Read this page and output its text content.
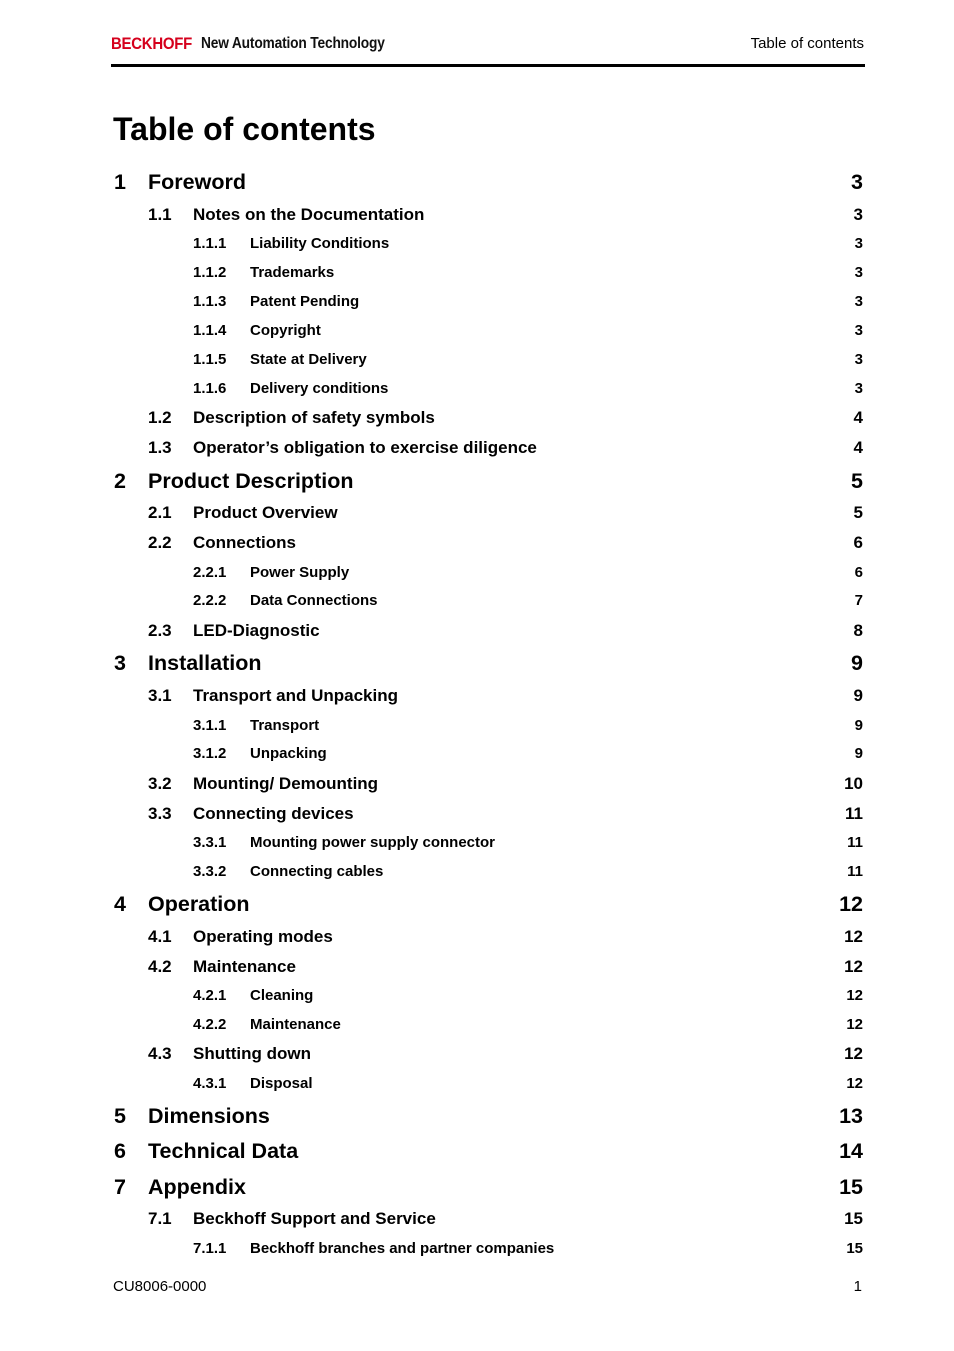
BECKHOFF New Automation Technology	Table of contents
Table of contents
1 Foreword	3
1.1 Notes on the Documentation	3
1.1.1 Liability Conditions	3
1.1.2 Trademarks	3
1.1.3 Patent Pending	3
1.1.4 Copyright	3
1.1.5 State at Delivery	3
1.1.6 Delivery conditions	3
1.2 Description of safety symbols	4
1.3 Operator’s obligation to exercise diligence	4
2 Product Description	5
2.1 Product Overview	5
2.2 Connections	6
2.2.1 Power Supply	6
2.2.2 Data Connections	7
2.3 LED-Diagnostic	8
3 Installation	9
3.1 Transport and Unpacking	9
3.1.1 Transport	9
3.1.2 Unpacking	9
3.2 Mounting/ Demounting	10
3.3 Connecting devices	11
3.3.1 Mounting power supply connector	11
3.3.2 Connecting cables	11
4 Operation	12
4.1 Operating modes	12
4.2 Maintenance	12
4.2.1 Cleaning	12
4.2.2 Maintenance	12
4.3 Shutting down	12
4.3.1 Disposal	12
5 Dimensions	13
6 Technical Data	14
7 Appendix	15
7.1 Beckhoff Support and Service	15
7.1.1 Beckhoff branches and partner companies	15
CU8006-0000	1
